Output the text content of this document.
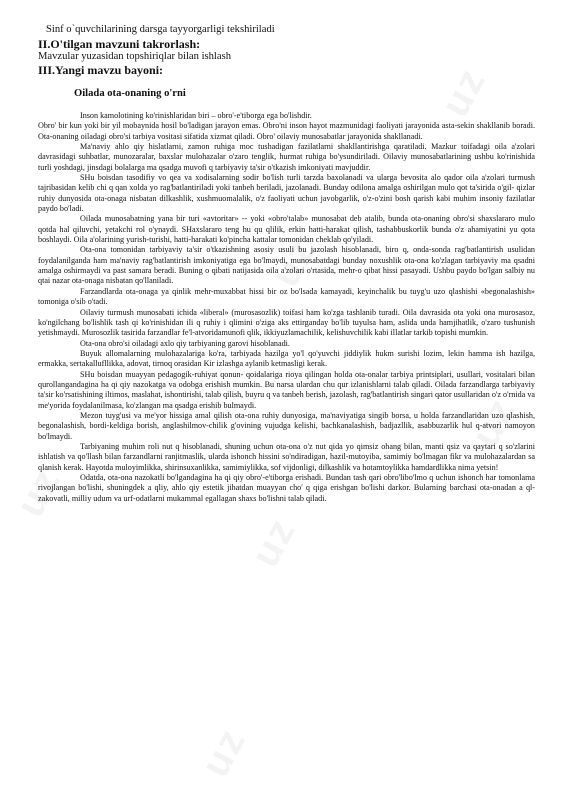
uz
uz
uz
uz
uz
uz

Sinf o`quvchilarining darsga tayyorgarligi tekshiriladi

II.O'tilgan mavzuni takrorlash:

Mavzular yuzasidan topshiriqlar bilan ishlash

III.Yangi mavzu bayoni:

Oilada ota-onaning o'rni

Inson kamolotining ko'rinishlaridan biri – obro'-e'tiborga ega bo'lishdir.

Obro' bir kun yoki bir yil mobaynida hosil bo'ladigan jarayon emas. Obro'ni inson hayot mazmunidagi faoliyati jarayonida asta-sekin shakllanib boradi. Ota-onaning oiladagi obro'si tarbiya vositasi sifatida xizmat qiladi. Obro' oilaviy munosabatlar jarayonida shakllanadi.

Ma'naviy ahlo qiy hislatlarni, zamon ruhiga moc tushadigan fazilatlarni shakllantirishga qaratiladi. Mazkur toifadagi oila a'zolari davrasidagi suhbatlar, munozaralar, baxslar mulohazalar o'zaro tenglik, hurmat ruhiga bo'ysundiriladi. Oilaviy munosabatlarining ushbu ko'rinishida turli yoshdagi, jinsdagi bolalarga ma qsadga muvofi q tarbiyaviy ta'sir o'tkazish imkoniyati mavjuddir.

SHu boisdan tasodifiy vo qea va xodisalarning sodir bo'lish turli tarzda baxolanadi va ularga bevosita alo qador oila a'zolari turmush tajribasidan kelib chi q qan xolda yo rag'batlantiriladi yoki tanbeh beriladi, jazolanadi. Bunday odilona amalga oshirilgan mulo qot ta'sirida o'gil- qizlar ruhiy dunyosida ota-onaga nisbatan dilkashlik, xushmuomalalik, o'z faoliyati uchun javobgarlik, o'z-o'zini bosh qarish kabi muhim insoniy fazilatlar paydo bo'ladi.

Oilada munosabatning yana bir turi «avtoritar» -- yoki «obro'talab» munosabat deb atalib, bunda ota-onaning obro'si shaxslararo mulo qotda hal qiluvchi, yetakchi rol o'ynaydi. SHaxslararo teng hu qu qlilik, erkin hatti-harakat qilish, tashabbuskorlik bunda o'z ahamiyatini yu qota boshlaydi. Oila a'olarining yurish-turishi, hatti-harakati ko'pincha kattalar tomonidan cheklab qo'yiladi.

Ota-ona tomonidan tarbiyaviy ta'sir o'tkazishning asosiy usuli bu jazolash hisoblanadi, biro q, onda-sonda rag'batlantirish usulidan foydalanilganda ham ma'naviy rag'batlantirish imkoniyatiga ega bo'lmaydi, munosabatdagi bunday noxushlik ota-ona ko'zlagan tarbiyaviy ma qsadni amalga oshirmaydi va past samara beradi. Buning o qibati natijasida oila a'zolari o'rtasida, mehr-o qibat hissi pasayadi. Ushbu paydo bo'lgan salbiy nu qtai nazar ota-onaga nisbatan qo'llaniladi.

Farzandlarda ota-onaga ya qinlik mehr-muxabbat hissi bir oz bo'lsada kamayadi, keyinchalik bu tuyg'u uzo qlashishi «begonalashish» tomoniga o'sib o'tadi.

Oilaviy turmush munosabati ichida «liberal» (murosasozlik) toifasi ham ko'zga tashlanib turadi. Oila davrasida ota yoki ona murosasoz, ko'ngilchang bo'lishlik tash qi ko'rinishidan ili q ruhiy i qlimini o'ziga aks ettirganday bo'lib tuyulsa ham, aslida unda hamjihatlik, o'zaro tushunish yetishmaydi. Murosozlik tasirida farzandlar fe'l-atvoridamunofi qlik, ikkiyuzlamachilik, kelishuvchilik kabi illatlar tarkib topishi mumkin.

Ota-ona obro'si oiladagi axlo qiy tarbiyaning garovi hisoblanadi.

Buyuk allomalarning mulohazalariga ko'ra, tarbiyada hazilga yo'l qo'yuvchi jiddiylik hukm surishi lozim, lekin hamma ish hazilga, ermakka, sertakallufllikka, adovat, tirnoq orasidan Kir izlashga aylanib ketmasligi kerak.

SHu boisdan muayyan pedagogik-ruhiyat qonun- qoidalariga rioya qilingan holda ota-onalar tarbiya printsiplari, usullari, vositalari bilan qurollangandagina ha qi qiy nazokatga va odobga erishish mumkin. Bu narsa ulardan chu qur izlanishlarni talab qiladi. Oilada farzandlarga tarbiyaviy ta'sir ko'rsatishining iltimos, maslahat, ishontirishi, talab qilish, buyru q va tanbeh berish, jazolash, rag'batlantirish singari qator usullaridan o'z o'rnida va me'yorida foydalanilmasa, ko'zlangan ma qsadga erishib bulmaydi.

Mezon tuyg'usi va me'yor hissiga amal qilish ota-ona ruhiy dunyosiga, ma'naviyatiga singib borsa, u holda farzandlaridan uzo qlashish, begonalashish, bordi-keldiga borish, anglashilmov-chilik g'ovining vujudga kelishi, bachkanalashish, badjazllik, asabbuzarlik hul q-atvori namoyon bo'lmaydi.

Tarbiyaning muhim roli nut q hisoblanadi, shuning uchun ota-ona o'z nut qida yo qimsiz ohang bilan, manti qsiz va qaytari q so'zlarini ishlatish va qo'llash bilan farzandlarni ranjitmaslik, ularda ishonch hissini so'ndiradigan, hazil-mutoyiba, samimiy bo'lmagan fikr va mulohazalardan sa qlanish kerak. Hayotda muloyimlikka, shirinsuxanlikka, samimiylikka, sof vijdonligi, dilkashlik va hotamtoylikka hamdardlikka nima yetsin!

Odatda, ota-ona nazokatli bo'lgandagina ha qi qiy obro'-e'tiborga erishadi. Bundan tash qari obro'libo'lmo q uchun ishonch har tomonlama rivojlangan bo'lishi, shuningdek a qliy, ahlo qiy estetik jihatdan muayyan cho' q qiga erishgan bo'lishi darkor. Bularning barchasi ota-onadan a ql-zakovatli, milliy udum va urf-odatlarni mukammal egallagan shaxs bo'lishni talab qiladi.
